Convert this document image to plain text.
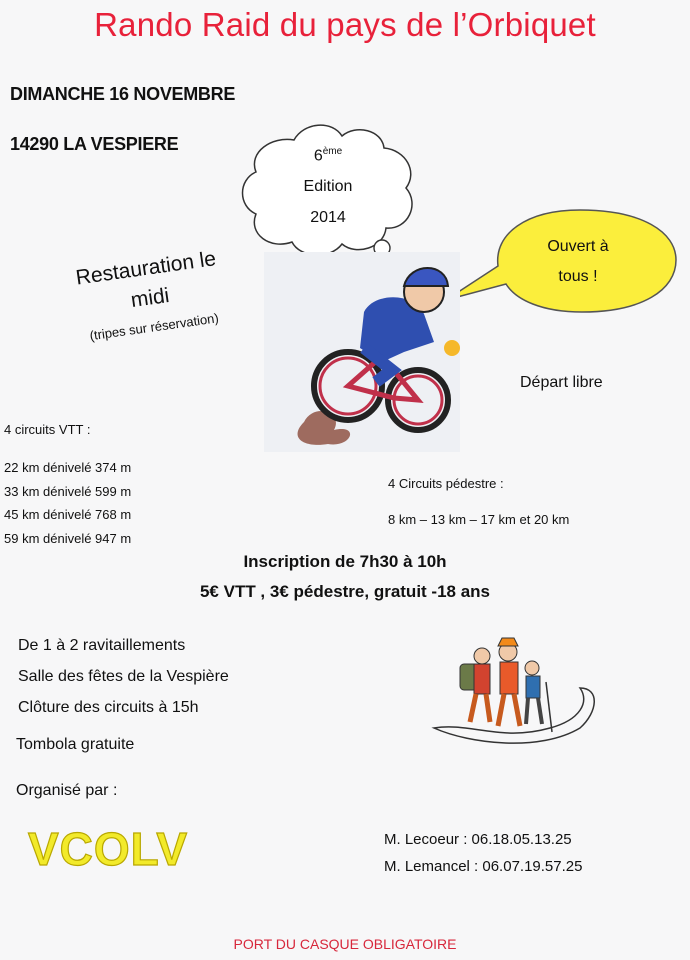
Rando Raid du pays de l’Orbiquet
DIMANCHE 16 NOVEMBRE
14290 LA VESPIERE
6ème
Edition
2014
Ouvert à
tous !
Restauration le
midi
(tripes sur réservation)
Départ libre
4 circuits VTT :
22 km dénivelé 374 m
33 km dénivelé 599 m
45 km dénivelé 768 m
59 km dénivelé 947 m
4 Circuits pédestre :
8 km – 13 km – 17 km et 20 km
Inscription de 7h30 à 10h
5€ VTT , 3€ pédestre, gratuit -18 ans
De 1 à 2 ravitaillements
Salle des fêtes de la Vespière
Clôture des circuits à 15h
Tombola gratuite
Organisé par :
VCOLV	M. Lecoeur : 06.18.05.13.25
M. Lemancel : 06.07.19.57.25
PORT DU CASQUE OBLIGATOIRE
